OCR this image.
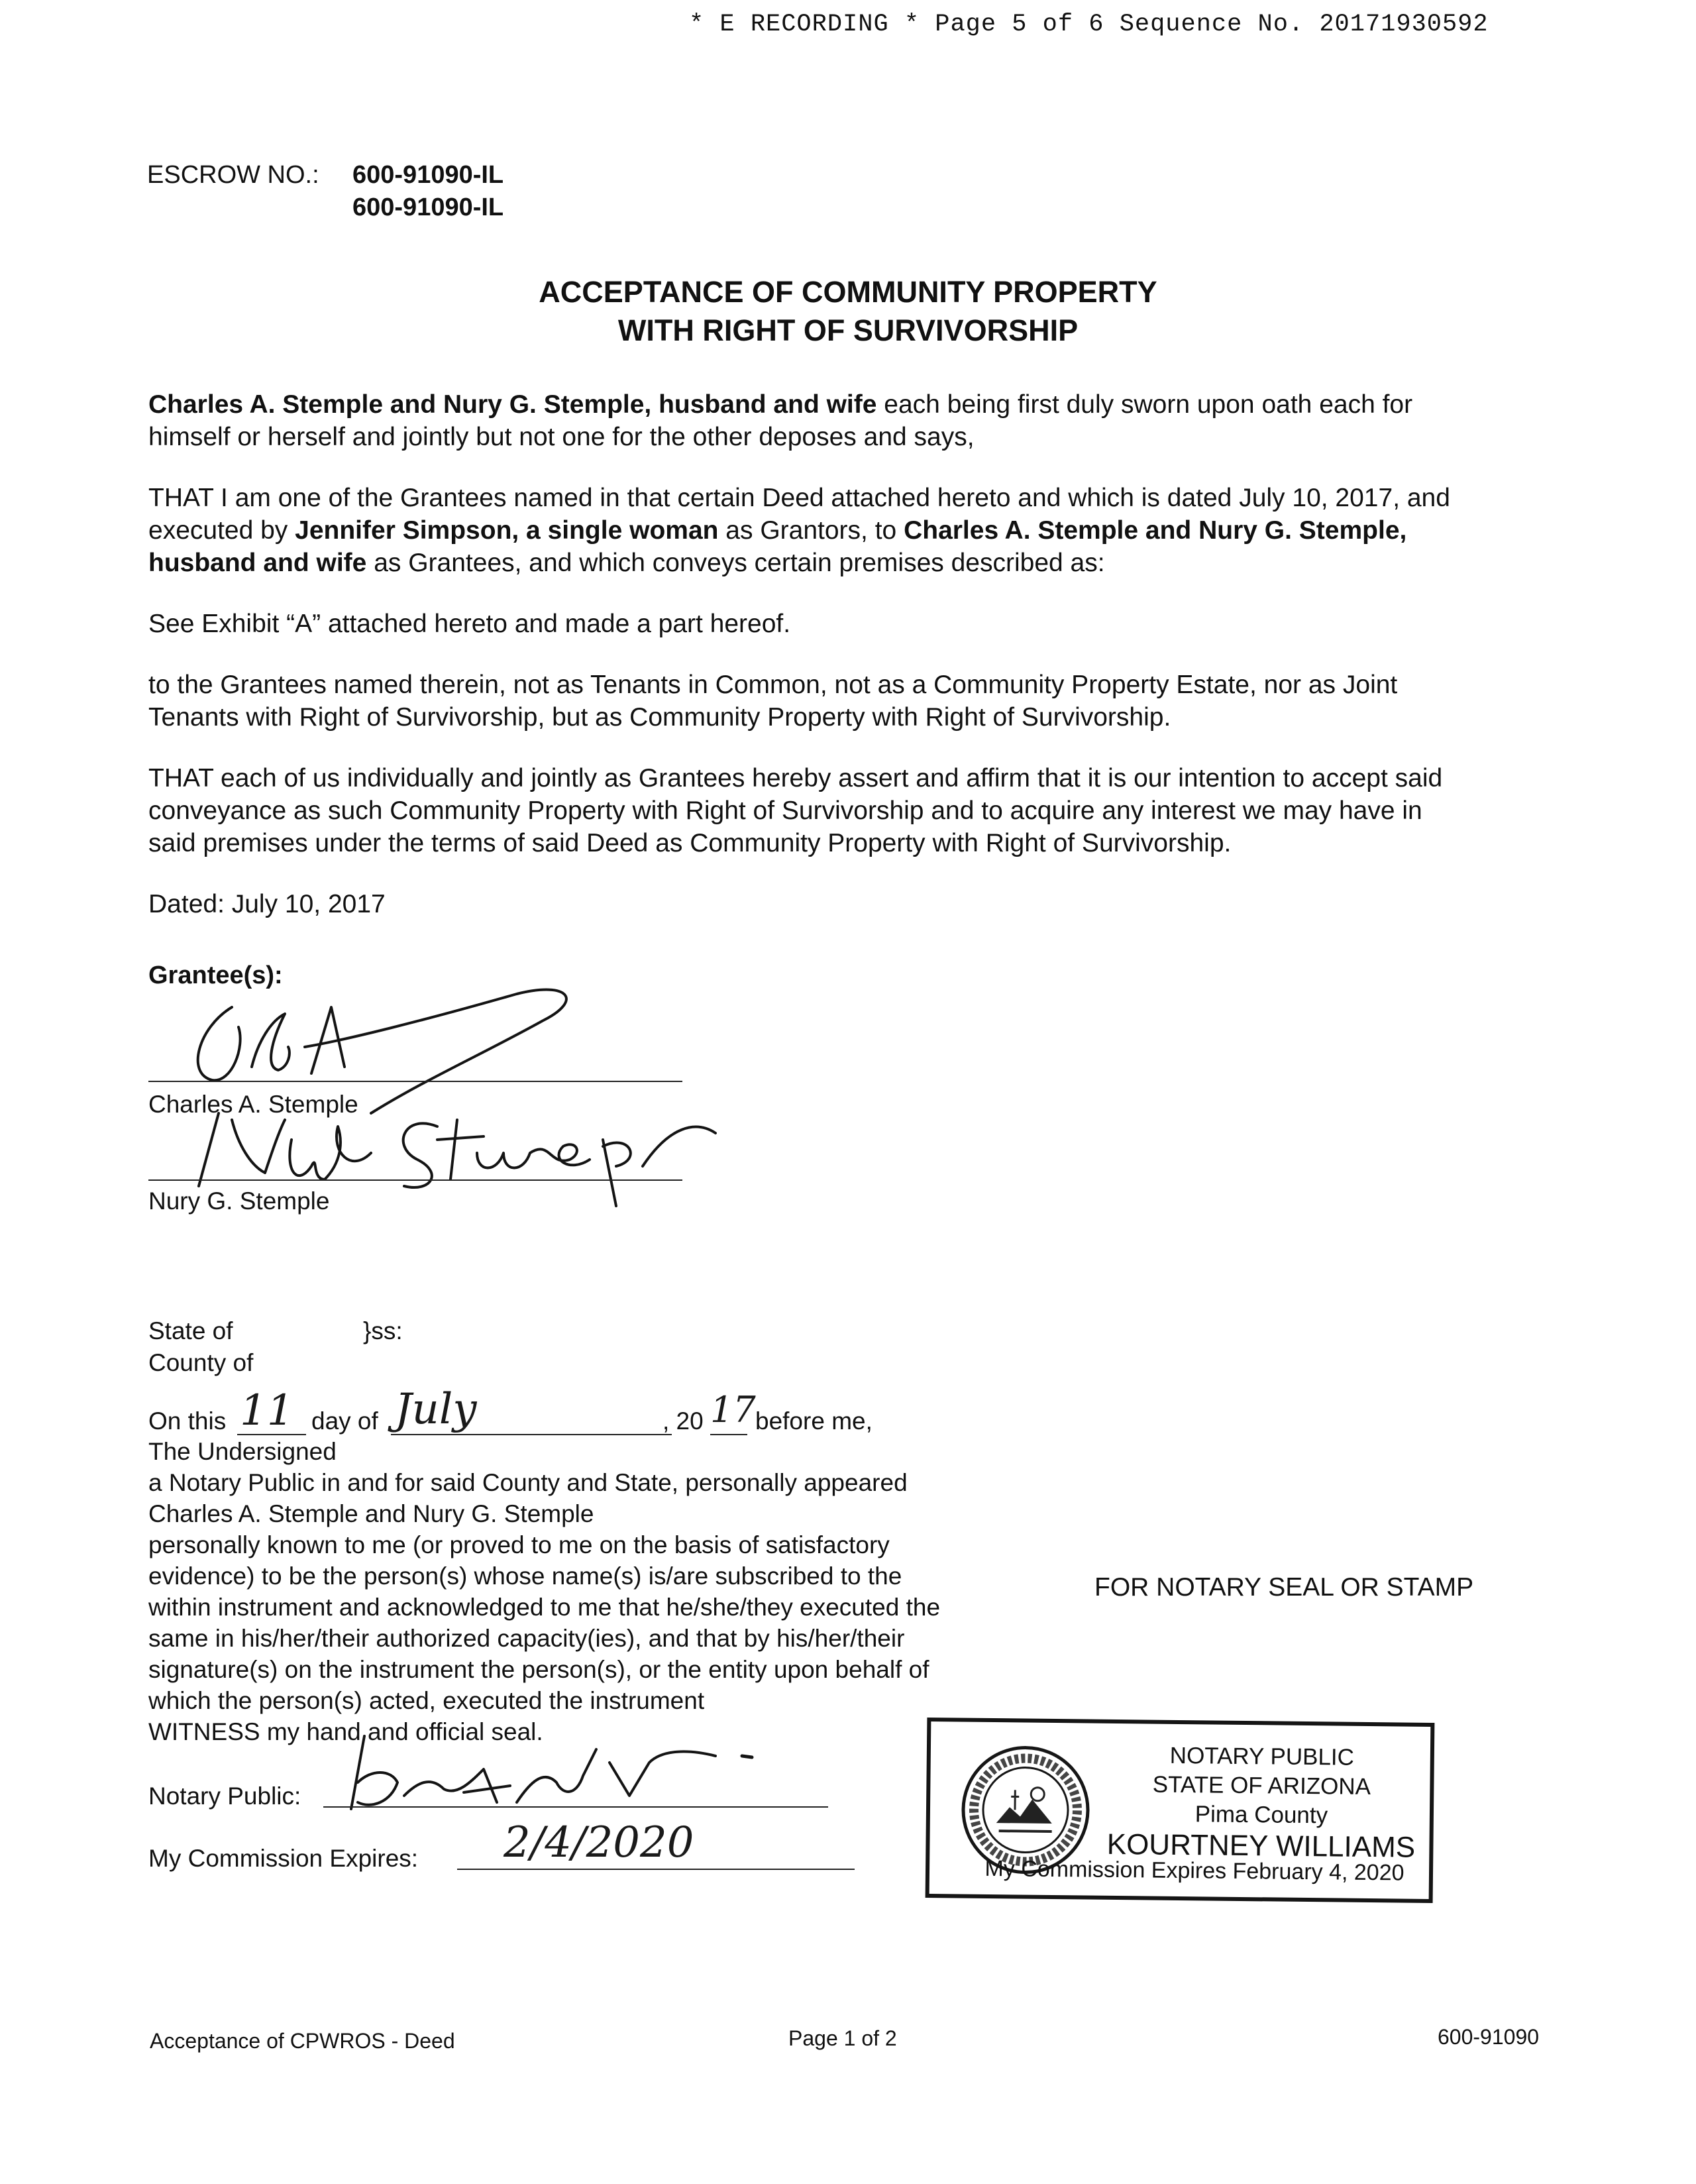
* E RECORDING * Page 5 of 6 Sequence No. 20171930592
ESCROW NO.: 600-91090-IL
600-91090-IL
ACCEPTANCE OF COMMUNITY PROPERTY
WITH RIGHT OF SURVIVORSHIP
Charles A. Stemple and Nury G. Stemple, husband and wife each being first duly sworn upon oath each for
himself or herself and jointly but not one for the other deposes and says,
THAT I am one of the Grantees named in that certain Deed attached hereto and which is dated July 10, 2017, and
executed by Jennifer Simpson, a single woman as Grantors, to Charles A. Stemple and Nury G. Stemple,
husband and wife as Grantees, and which conveys certain premises described as:
See Exhibit “A” attached hereto and made a part hereof.
to the Grantees named therein, not as Tenants in Common, not as a Community Property Estate, nor as Joint
Tenants with Right of Survivorship, but as Community Property with Right of Survivorship.
THAT each of us individually and jointly as Grantees hereby assert and affirm that it is our intention to accept said
conveyance as such Community Property with Right of Survivorship and to acquire any interest we may have in
said premises under the terms of said Deed as Community Property with Right of Survivorship.
Dated: July 10, 2017
Grantee(s):
Charles A. Stemple
Nury G. Stemple
State of	}ss:
County of
On this 11 day of July	, 20 17 before me,
The Undersigned
a Notary Public in and for said County and State, personally appeared
Charles A. Stemple and Nury G. Stemple
personally known to me (or proved to me on the basis of satisfactory
evidence) to be the person(s) whose name(s) is/are subscribed to the
within instrument and acknowledged to me that he/she/they executed the
same in his/her/their authorized capacity(ies), and that by his/her/their
signature(s) on the instrument the person(s), or the entity upon behalf of
which the person(s) acted, executed the instrument
WITNESS my hand and official seal.
FOR NOTARY SEAL OR STAMP
Notary Public:
My Commission Expires: 2/4/2020
NOTARY PUBLIC
STATE OF ARIZONA
Pima County
KOURTNEY WILLIAMS
My Commission Expires February 4, 2020
Acceptance of CPWROS - Deed	Page 1 of 2	600-91090
